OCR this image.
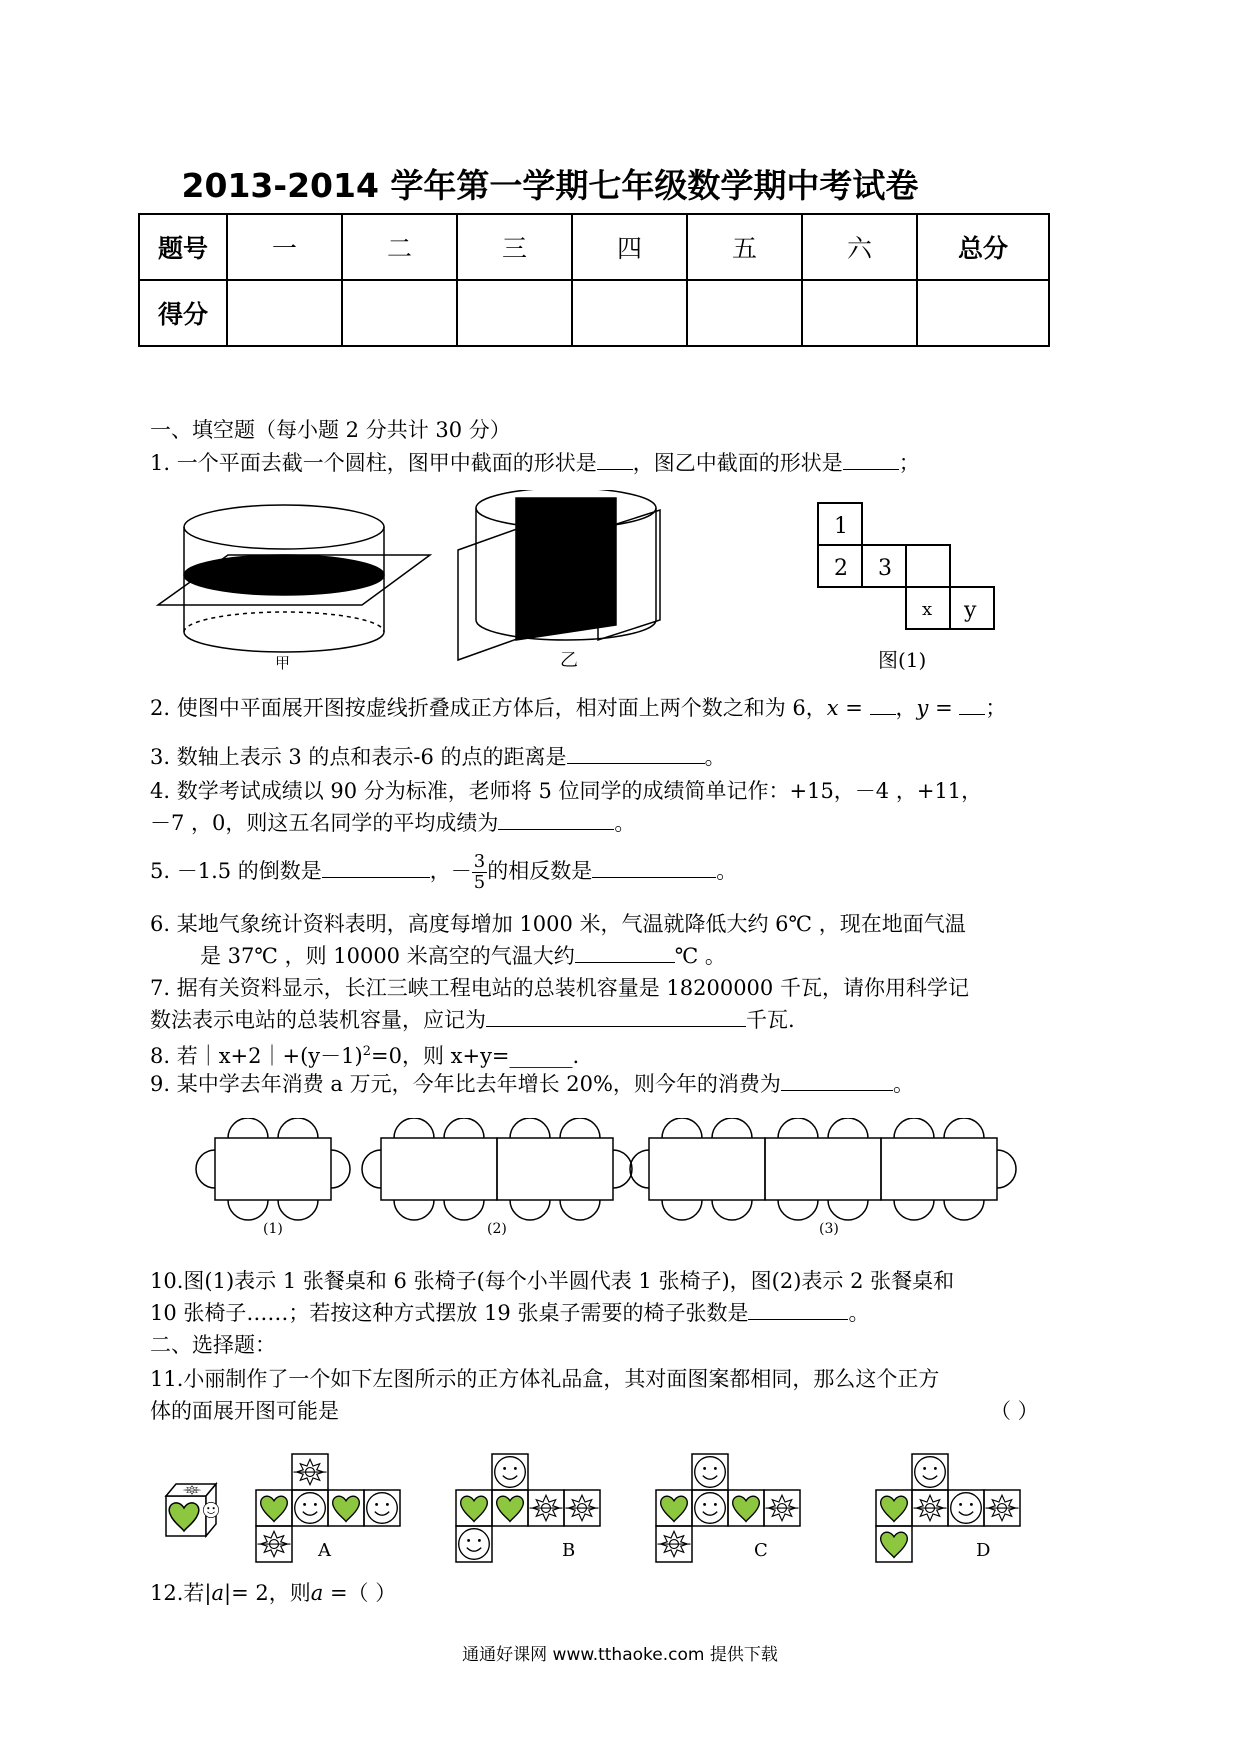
2013-2014 学年第一学期七年级数学期中考试卷
题号	一	二	三	四	五	六	总分
得分							
一、填空题（每小题 2 分共计 30 分）
1. 一个平面去截一个圆柱，图甲中截面的形状是 ，图乙中截面的形状是	；
甲	乙
1
2 3
x y
图(1)
2. 使图中平面展开图按虚线折叠成正方体后，相对面上两个数之和为 6，x = ，y = ；
3. 数轴上表示 3 的点和表示-6 的点的距离是	。
4. 数学考试成绩以 90 分为标准，老师将 5 位同学的成绩简单记作：+15，－4 ，+11，
－7 ，0，则这五名同学的平均成绩为	。
5. －1.5 的倒数是	，－ $\frac{3}{5}$ 的相反数是	。
6. 某地气象统计资料表明，高度每增加 1000 米，气温就降低大约 6℃ ，现在地面气温
是 37℃ ，则 10000 米高空的气温大约	℃ 。
7. 据有关资料显示，长江三峡工程电站的总装机容量是 18200000 千瓦，请你用科学记
数法表示电站的总装机容量，应记为	千瓦.
8. 若$|x+2|+(y-1)^2=0$，则 x+y=______.
9. 某中学去年消费 a 万元，今年比去年增长 20%，则今年的消费为	。
(1)	(2)	(3)
10.图(1)表示 1 张餐桌和 6 张椅子(每个小半圆代表 1 张椅子)，图(2)表示 2 张餐桌和
10 张椅子……；若按这种方式摆放 19 张桌子需要的椅子张数是	。
二、选择题：
11.小丽制作了一个如下左图所示的正方体礼品盒，其对面图案都相同，那么这个正方
体的面展开图可能是	（ ）
A	B	C	D
12.若|a|= 2，则a =（ ）
通通好课网 www.tthaoke.com 提供下载
